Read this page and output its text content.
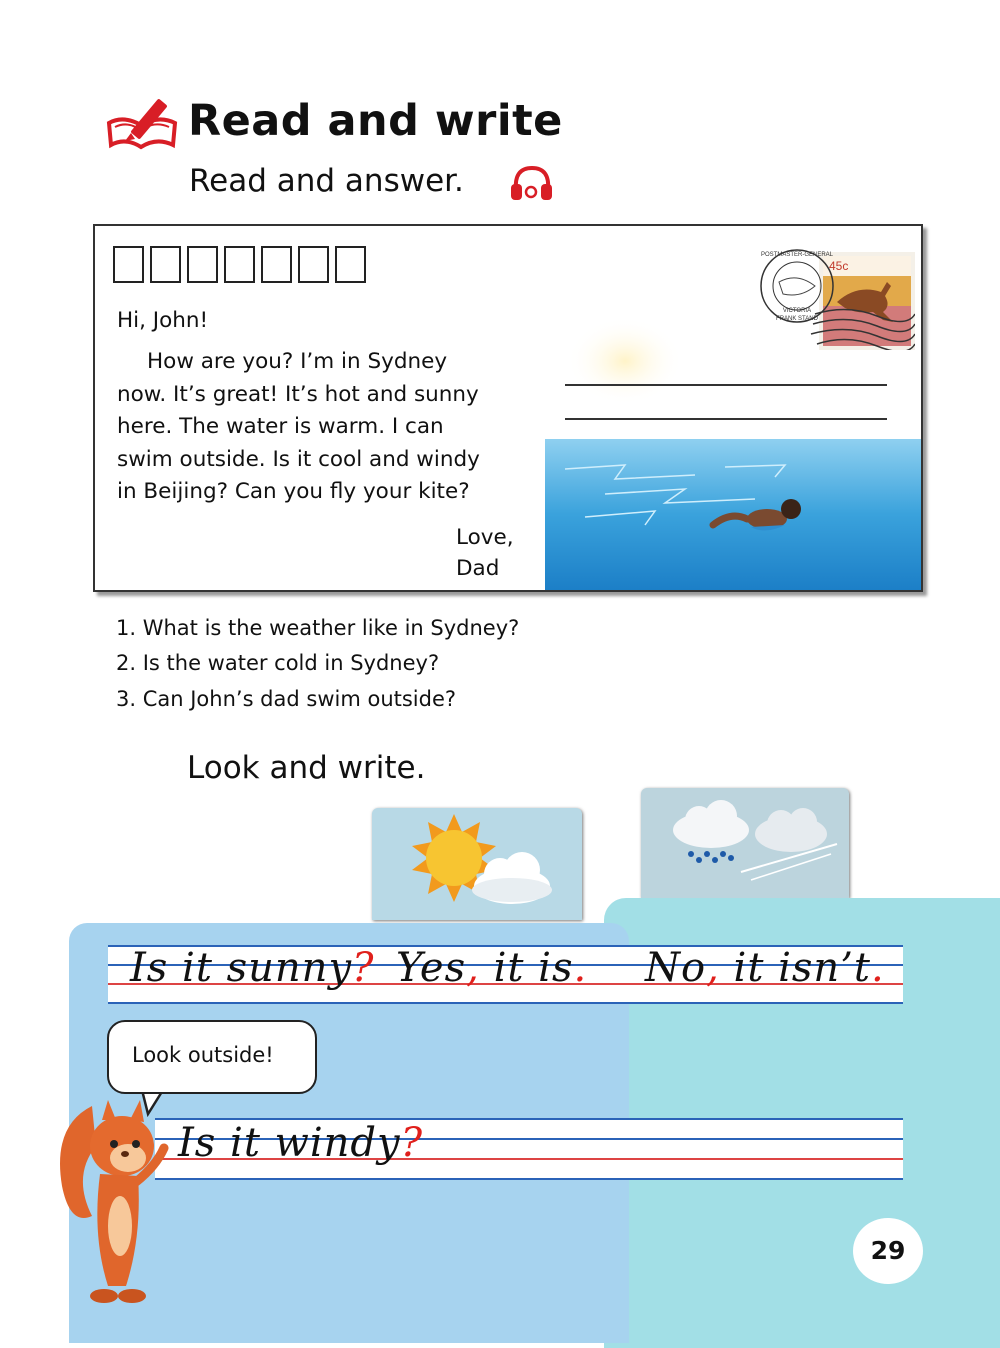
Read and write
Read and answer.
Hi, John!
How are you? I’m in Sydney
now. It’s great! It’s hot and sunny
here. The water is warm. I can
swim outside. Is it cool and windy
in Beijing? Can you fly your kite?
Love,
Dad
45c
POSTMASTER-GENERAL
VICTORIA
FRANK STAND
1. What is the weather like in Sydney?
2. Is the water cold in Sydney?
3. Can John’s dad swim outside?
Look and write.
Is it sunny? Yes, it is. No, it isn’t.
Look outside!
Is it windy?
29
